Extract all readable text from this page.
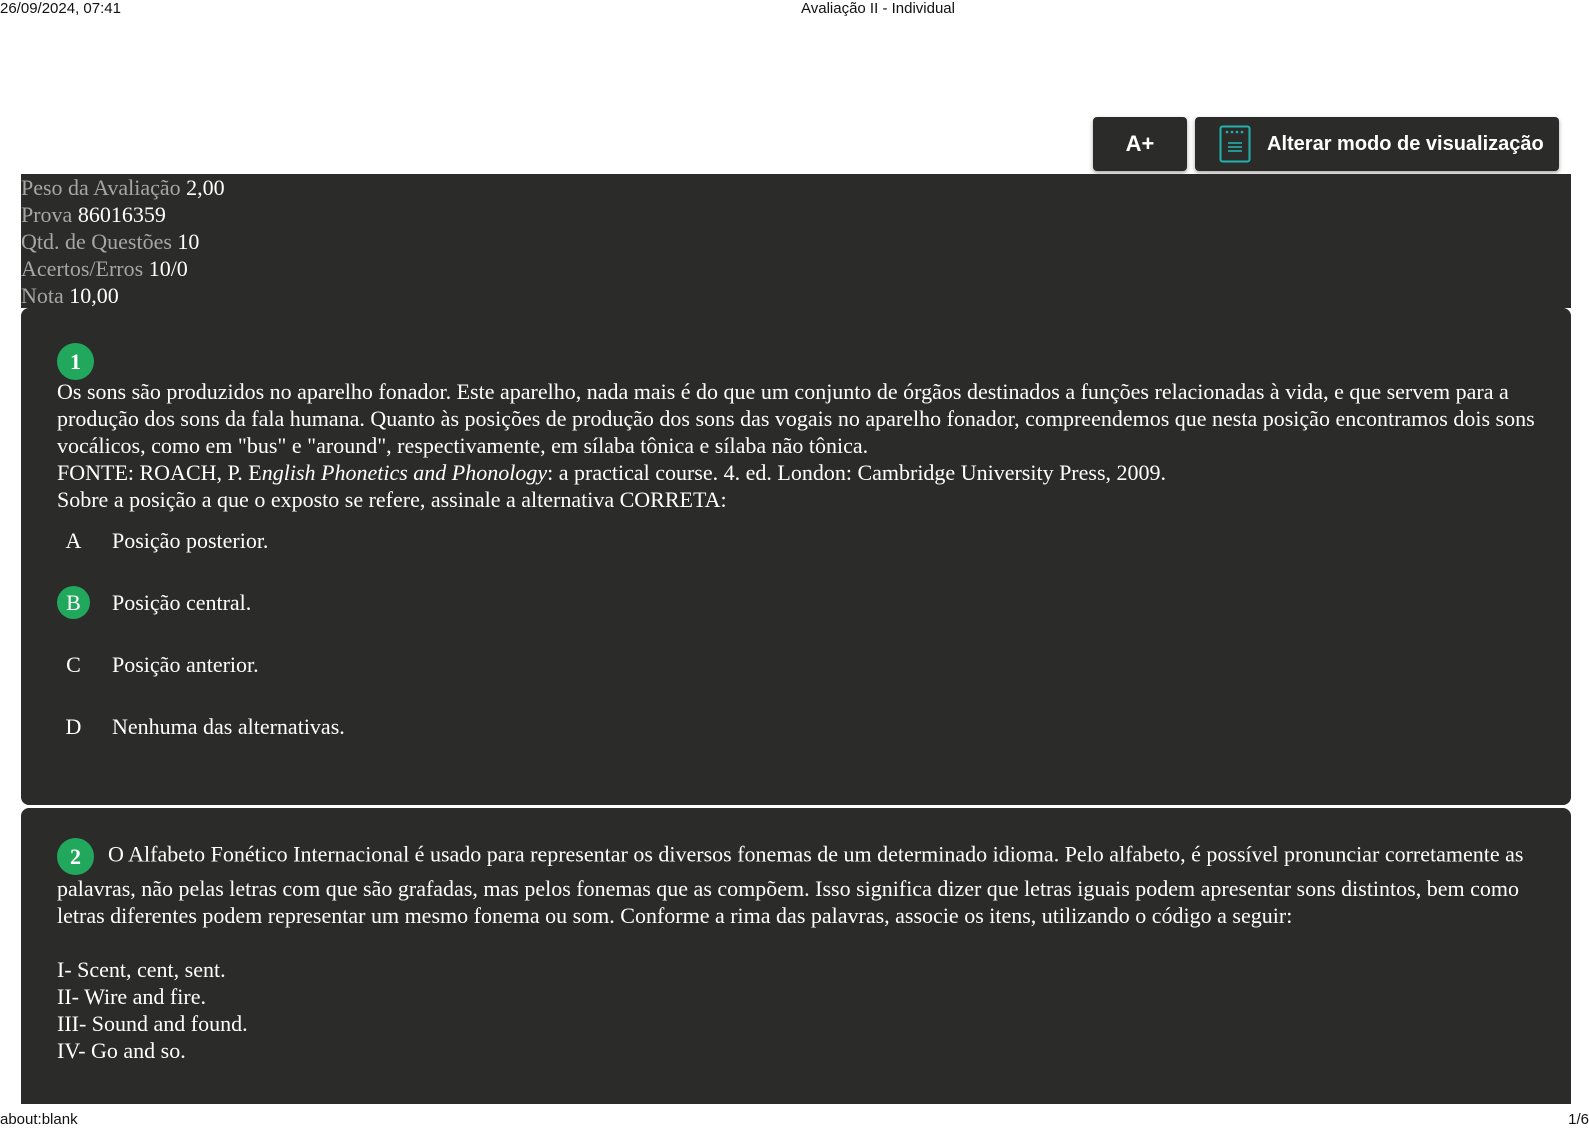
26/09/2024, 07:41	Avaliação II - Individual
A+	Alterar modo de visualização
Peso da Avaliação 2,00
Prova 86016359
Qtd. de Questões 10
Acertos/Erros 10/0
Nota 10,00
1
Os sons são produzidos no aparelho fonador. Este aparelho, nada mais é do que um conjunto de órgãos destinados a funções relacionadas à vida, e que servem para a produção dos sons da fala humana. Quanto às posições de produção dos sons das vogais no aparelho fonador, compreendemos que nesta posição encontramos dois sons vocálicos, como em "bus" e "around", respectivamente, em sílaba tônica e sílaba não tônica.
FONTE: ROACH, P. English Phonetics and Phonology: a practical course. 4. ed. London: Cambridge University Press, 2009.
Sobre a posição a que o exposto se refere, assinale a alternativa CORRETA:
A	Posição posterior.
B	Posição central.
C	Posição anterior.
D	Nenhuma das alternativas.
2 O Alfabeto Fonético Internacional é usado para representar os diversos fonemas de um determinado idioma. Pelo alfabeto, é possível pronunciar corretamente as palavras, não pelas letras com que são grafadas, mas pelos fonemas que as compõem. Isso significa dizer que letras iguais podem apresentar sons distintos, bem como letras diferentes podem representar um mesmo fonema ou som. Conforme a rima das palavras, associe os itens, utilizando o código a seguir:
I- Scent, cent, sent.
II- Wire and fire.
III- Sound and found.
IV- Go and so.
about:blank	1/6
